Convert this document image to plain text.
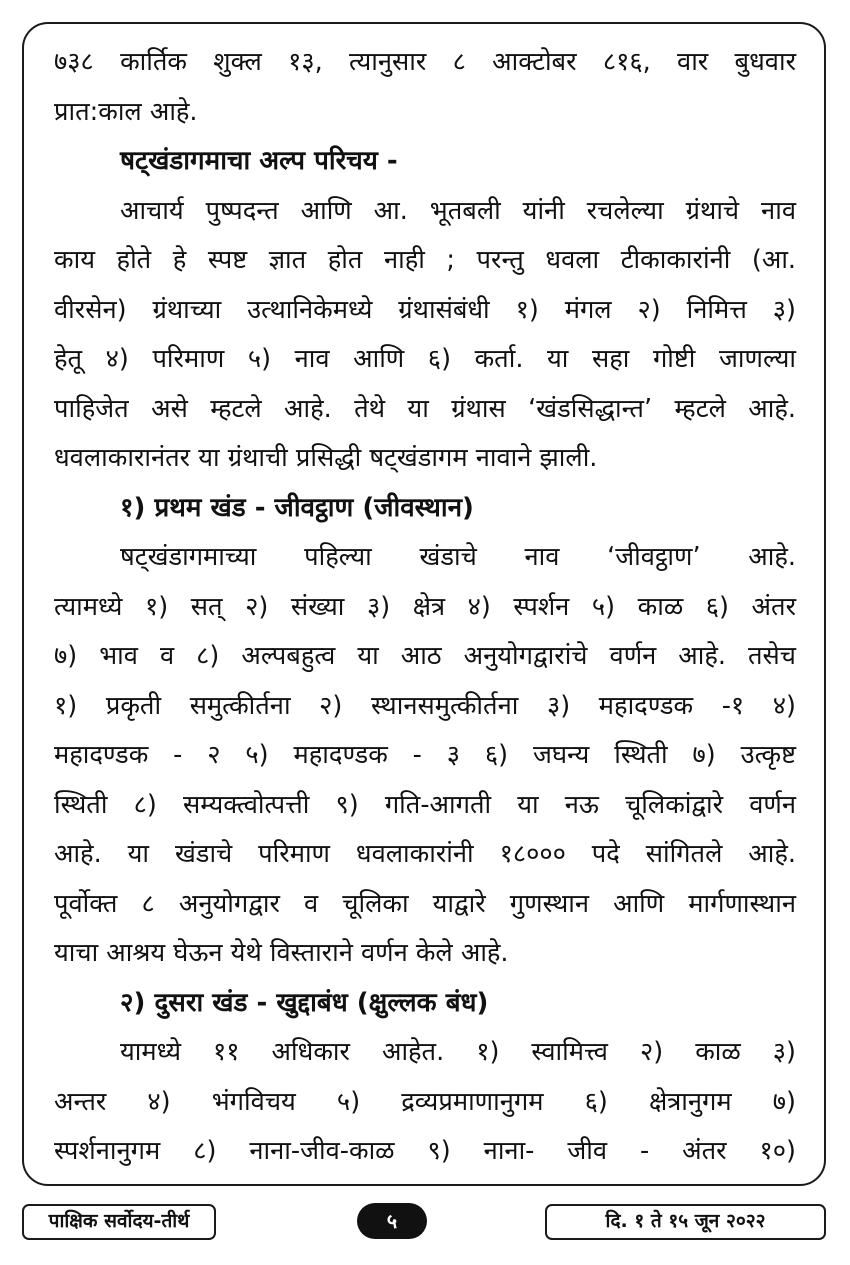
७३८ कार्तिक शुक्ल १३, त्यानुसार ८ आक्टोबर ८१६, वार बुधवार

प्रात:काल आहे.

षट्खंडागमाचा अल्प परिचय -

आचार्य पुष्पदन्त आणि आ. भूतबली यांनी रचलेल्या ग्रंथाचे नाव

काय होते हे स्पष्ट ज्ञात होत नाही ; परन्तु धवला टीकाकारांनी (आ.

वीरसेन) ग्रंथाच्या उत्थानिकेमध्ये ग्रंथासंबंधी १) मंगल २) निमित्त ३)

हेतू ४) परिमाण ५) नाव आणि ६) कर्ता. या सहा गोष्टी जाणल्या

पाहिजेत असे म्हटले आहे. तेथे या ग्रंथास ‘खंडसिद्धान्त’ म्हटले आहे.

धवलाकारानंतर या ग्रंथाची प्रसिद्धी षट्खंडागम नावाने झाली.

१) प्रथम खंड - जीवट्ठाण (जीवस्थान)

षट्खंडागमाच्या पहिल्या खंडाचे नाव ‘जीवट्ठाण’ आहे.

त्यामध्ये १) सत् २) संख्या ३) क्षेत्र ४) स्पर्शन ५) काळ ६) अंतर

७) भाव व ८) अल्पबहुत्व या आठ अनुयोगद्वारांचे वर्णन आहे. तसेच

१) प्रकृती समुत्कीर्तना २) स्थानसमुत्कीर्तना ३) महादण्डक -१ ४)

महादण्डक - २ ५) महादण्डक - ३ ६) जघन्य स्थिती ७) उत्कृष्ट

स्थिती ८) सम्यक्त्वोत्पत्ती ९) गति-आगती या नऊ चूलिकांद्वारे वर्णन

आहे. या खंडाचे परिमाण धवलाकारांनी १८००० पदे सांगितले आहे.

पूर्वोक्त ८ अनुयोगद्वार व चूलिका याद्वारे गुणस्थान आणि मार्गणास्थान

याचा आश्रय घेऊन येथे विस्ताराने वर्णन केले आहे.

२) दुसरा खंड - खुद्दाबंध (क्षुल्लक बंध)

यामध्ये ११ अधिकार आहेत. १) स्वामित्त्व २) काळ ३)

अन्तर ४) भंगविचय ५) द्रव्यप्रमाणानुगम ६) क्षेत्रानुगम ७)

स्पर्शनानुगम ८) नाना-जीव-काळ ९) नाना- जीव - अंतर १०)

पाक्षिक सर्वोदय-तीर्थ	५	दि. १ ते १५ जून २०२२
